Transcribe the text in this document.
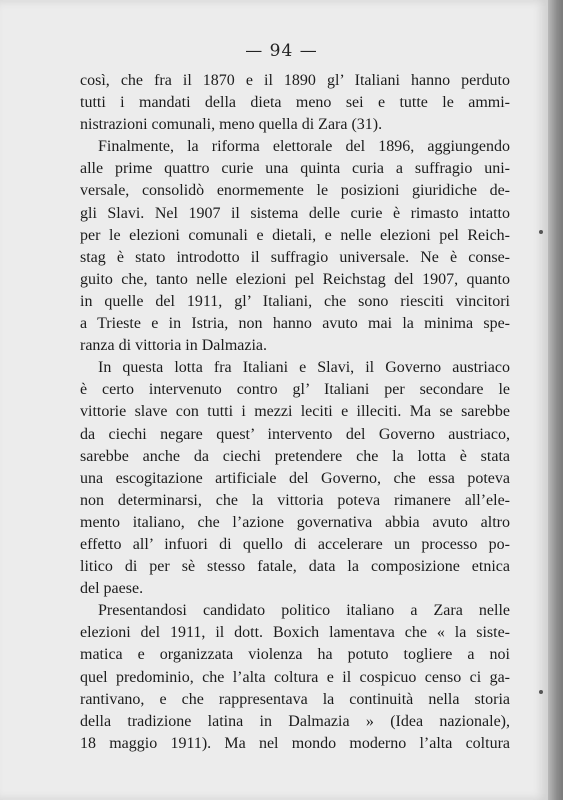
— 94 —

così, che fra il 1870 e il 1890 gl’ Italiani hanno perduto
tutti i mandati della dieta meno sei e tutte le ammi-
nistrazioni comunali, meno quella di Zara (31).

Finalmente, la riforma elettorale del 1896, aggiungendo
alle prime quattro curie una quinta curia a suffragio uni-
versale, consolidò enormemente le posizioni giuridiche de-
gli Slavi. Nel 1907 il sistema delle curie è rimasto intatto
per le elezioni comunali e dietali, e nelle elezioni pel Reich-
stag è stato introdotto il suffragio universale. Ne è conse-
guito che, tanto nelle elezioni pel Reichstag del 1907, quanto
in quelle del 1911, gl’ Italiani, che sono riesciti vincitori
a Trieste e in Istria, non hanno avuto mai la minima spe-
ranza di vittoria in Dalmazia.

In questa lotta fra Italiani e Slavi, il Governo austriaco
è certo intervenuto contro gl’ Italiani per secondare le
vittorie slave con tutti i mezzi leciti e illeciti. Ma se sarebbe
da ciechi negare quest’ intervento del Governo austriaco,
sarebbe anche da ciechi pretendere che la lotta è stata
una escogitazione artificiale del Governo, che essa poteva
non determinarsi, che la vittoria poteva rimanere all’ele-
mento italiano, che l’azione governativa abbia avuto altro
effetto all’ infuori di quello di accelerare un processo po-
litico di per sè stesso fatale, data la composizione etnica
del paese.

Presentandosi candidato politico italiano a Zara nelle
elezioni del 1911, il dott. Boxich lamentava che « la siste-
matica e organizzata violenza ha potuto togliere a noi
quel predominio, che l’alta coltura e il cospicuo censo ci ga-
rantivano, e che rappresentava la continuità nella storia
della tradizione latina in Dalmazia » (Idea nazionale),
18 maggio 1911). Ma nel mondo moderno l’alta coltura
